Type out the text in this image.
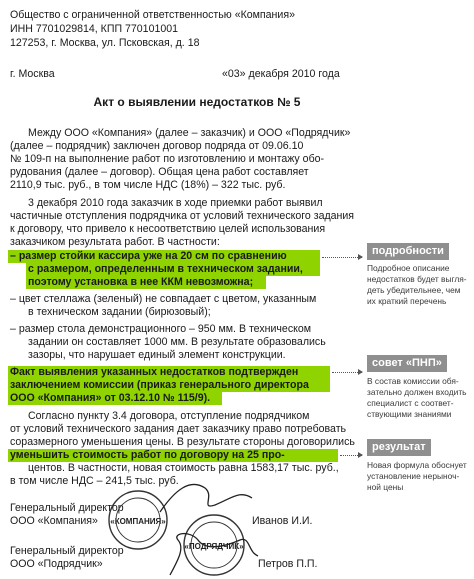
Общество с ограниченной ответственностью «Компания»
ИНН 7701029814, КПП 770101001
127253, г. Москва, ул. Псковская, д. 18
г. Москва	«03» декабря 2010 года
Акт о выявлении недостатков № 5
Между ООО «Компания» (далее – заказчик) и ООО «Подрядчик»
(далее – подрядчик) заключен договор подряда от 09.06.10
№ 109-п на выполнение работ по изготовлению и монтажу обо-
рудования (далее – договор). Общая цена работ составляет
2110,9 тыс. руб., в том числе НДС (18%) – 322 тыс. руб.
3 декабря 2010 года заказчик в ходе приемки работ выявил
частичные отступления подрядчика от условий технического задания
к договору, что привело к несоответствию целей использования
заказчиком результата работ. В частности:
– размер стойки кассира уже на 20 см по сравнению
с размером, определенным в техническом задании,
поэтому установка в нее ККМ невозможна;
– цвет стеллажа (зеленый) не совпадает с цветом, указанным
в техническом задании (бирюзовый);
– размер стола демонстрационного – 950 мм. В техническом
задании он составляет 1000 мм. В результате образовались
зазоры, что нарушает единый элемент конструкции.
Факт выявления указанных недостатков подтвержден
заключением комиссии (приказ генерального директора
ООО «Компания» от 03.12.10 № 115/9).
Согласно пункту 3.4 договора, отступление подрядчиком
от условий технического задания дает заказчику право потребовать
соразмерного уменьшения цены. В результате стороны договорились
уменьшить стоимость работ по договору на 25 про-
центов. В частности, новая стоимость равна 1583,17 тыс. руб.,
в том числе НДС – 241,5 тыс. руб.
Генеральный директор
ООО «Компания»	Иванов И.И.
Генеральный директор
ООО «Подрядчик»	Петров П.П.
«КОМПАНИЯ»
«ПОДРЯДЧИК»
подробности
Подробное описание
недостатков будет выгля-
деть убедительнее, чем
их краткий перечень
совет «ПНП»
В состав комиссии обя-
зательно должен входить
специалист с соответ-
ствующими знаниями
результат
Новая формула обоснует
установление нерыноч-
ной цены
